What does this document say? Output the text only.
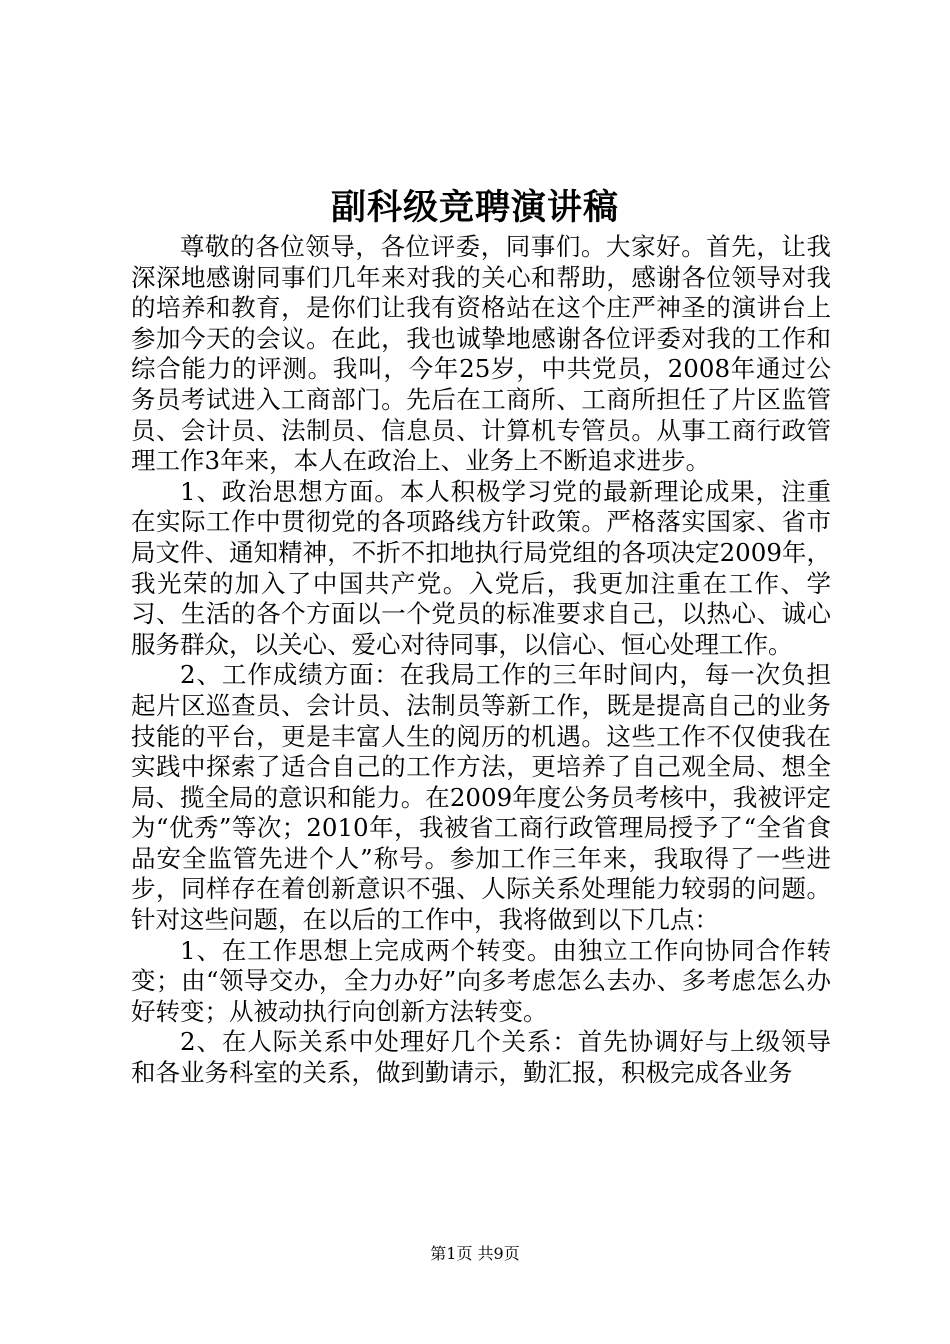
副科级竞聘演讲稿

尊敬的各位领导，各位评委，同事们。大家好。首先，让我深深地感谢同事们几年来对我的关心和帮助，感谢各位领导对我的培养和教育，是你们让我有资格站在这个庄严神圣的演讲台上参加今天的会议。在此，我也诚挚地感谢各位评委对我的工作和综合能力的评测。我叫，今年25岁，中共党员，2008年通过公务员考试进入工商部门。先后在工商所、工商所担任了片区监管员、会计员、法制员、信息员、计算机专管员。从事工商行政管理工作3年来，本人在政治上、业务上不断追求进步。

1、政治思想方面。本人积极学习党的最新理论成果，注重在实际工作中贯彻党的各项路线方针政策。严格落实国家、省市局文件、通知精神，不折不扣地执行局党组的各项决定2009年，我光荣的加入了中国共产党。入党后，我更加注重在工作、学习、生活的各个方面以一个党员的标准要求自己，以热心、诚心服务群众，以关心、爱心对待同事，以信心、恒心处理工作。

2、工作成绩方面：在我局工作的三年时间内，每一次负担起片区巡查员、会计员、法制员等新工作，既是提高自己的业务技能的平台，更是丰富人生的阅历的机遇。这些工作不仅使我在实践中探索了适合自己的工作方法，更培养了自己观全局、想全局、揽全局的意识和能力。在2009年度公务员考核中，我被评定为“优秀”等次；2010年，我被省工商行政管理局授予了“全省食品安全监管先进个人”称号。参加工作三年来，我取得了一些进步，同样存在着创新意识不强、人际关系处理能力较弱的问题。针对这些问题，在以后的工作中，我将做到以下几点：

1、在工作思想上完成两个转变。由独立工作向协同合作转变；由“领导交办，全力办好”向多考虑怎么去办、多考虑怎么办好转变；从被动执行向创新方法转变。

2、在人际关系中处理好几个关系：首先协调好与上级领导和各业务科室的关系，做到勤请示，勤汇报，积极完成各业务

第1页 共9页
